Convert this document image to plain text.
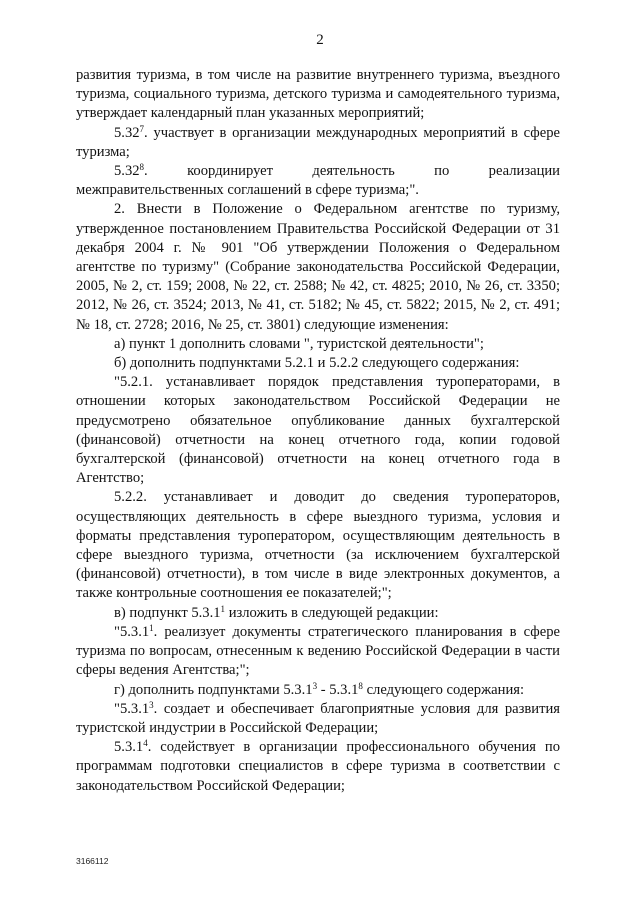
2

развития туризма, в том числе на развитие внутреннего туризма, въездного туризма, социального туризма, детского туризма и самодеятельного туризма, утверждает календарный план указанных мероприятий;

5.32$^7$. участвует в организации международных мероприятий в сфере туризма;

5.32$^8$. координирует деятельность по реализации межправительственных соглашений в сфере туризма;".

2. Внести в Положение о Федеральном агентстве по туризму, утвержденное постановлением Правительства Российской Федерации от 31 декабря 2004 г. № 901 "Об утверждении Положения о Федеральном агентстве по туризму" (Собрание законодательства Российской Федерации, 2005, № 2, ст. 159; 2008, № 22, ст. 2588; № 42, ст. 4825; 2010, № 26, ст. 3350; 2012, № 26, ст. 3524; 2013, № 41, ст. 5182; № 45, ст. 5822; 2015, № 2, ст. 491; № 18, ст. 2728; 2016, № 25, ст. 3801) следующие изменения:

а) пункт 1 дополнить словами ", туристской деятельности";

б) дополнить подпунктами 5.2.1 и 5.2.2 следующего содержания:

"5.2.1. устанавливает порядок представления туроператорами, в отношении которых законодательством Российской Федерации не предусмотрено обязательное опубликование данных бухгалтерской (финансовой) отчетности на конец отчетного года, копии годовой бухгалтерской (финансовой) отчетности на конец отчетного года в Агентство;

5.2.2. устанавливает и доводит до сведения туроператоров, осуществляющих деятельность в сфере выездного туризма, условия и форматы представления туроператором, осуществляющим деятельность в сфере выездного туризма, отчетности (за исключением бухгалтерской (финансовой) отчетности), в том числе в виде электронных документов, а также контрольные соотношения ее показателей;";

в) подпункт 5.3.1$^1$ изложить в следующей редакции:

"5.3.1$^1$. реализует документы стратегического планирования в сфере туризма по вопросам, отнесенным к ведению Российской Федерации в части сферы ведения Агентства;";

г) дополнить подпунктами 5.3.1$^3$ - 5.3.1$^8$ следующего содержания:

"5.3.1$^3$. создает и обеспечивает благоприятные условия для развития туристской индустрии в Российской Федерации;

5.3.1$^4$. содействует в организации профессионального обучения по программам подготовки специалистов в сфере туризма в соответствии с законодательством Российской Федерации;

3166112
